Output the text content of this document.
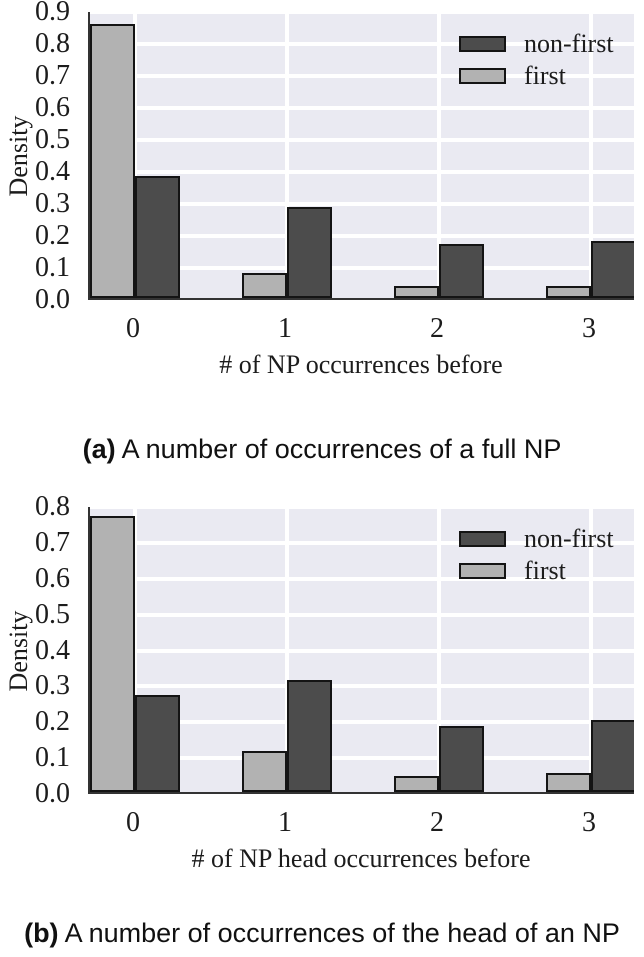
Density
0.0
0.1
0.2
0.3
0.4
0.5
0.6
0.7
0.8
0.9
non-first
first
0	1	2	3
# of NP occurrences before
Density
0.0
0.1
0.2
0.3
0.4
0.5
0.6
0.7
0.8
non-first
first
0	1	2	3
# of NP head occurrences before
(a) A number of occurrences of a full NP
(b) A number of occurrences of the head of an NP
